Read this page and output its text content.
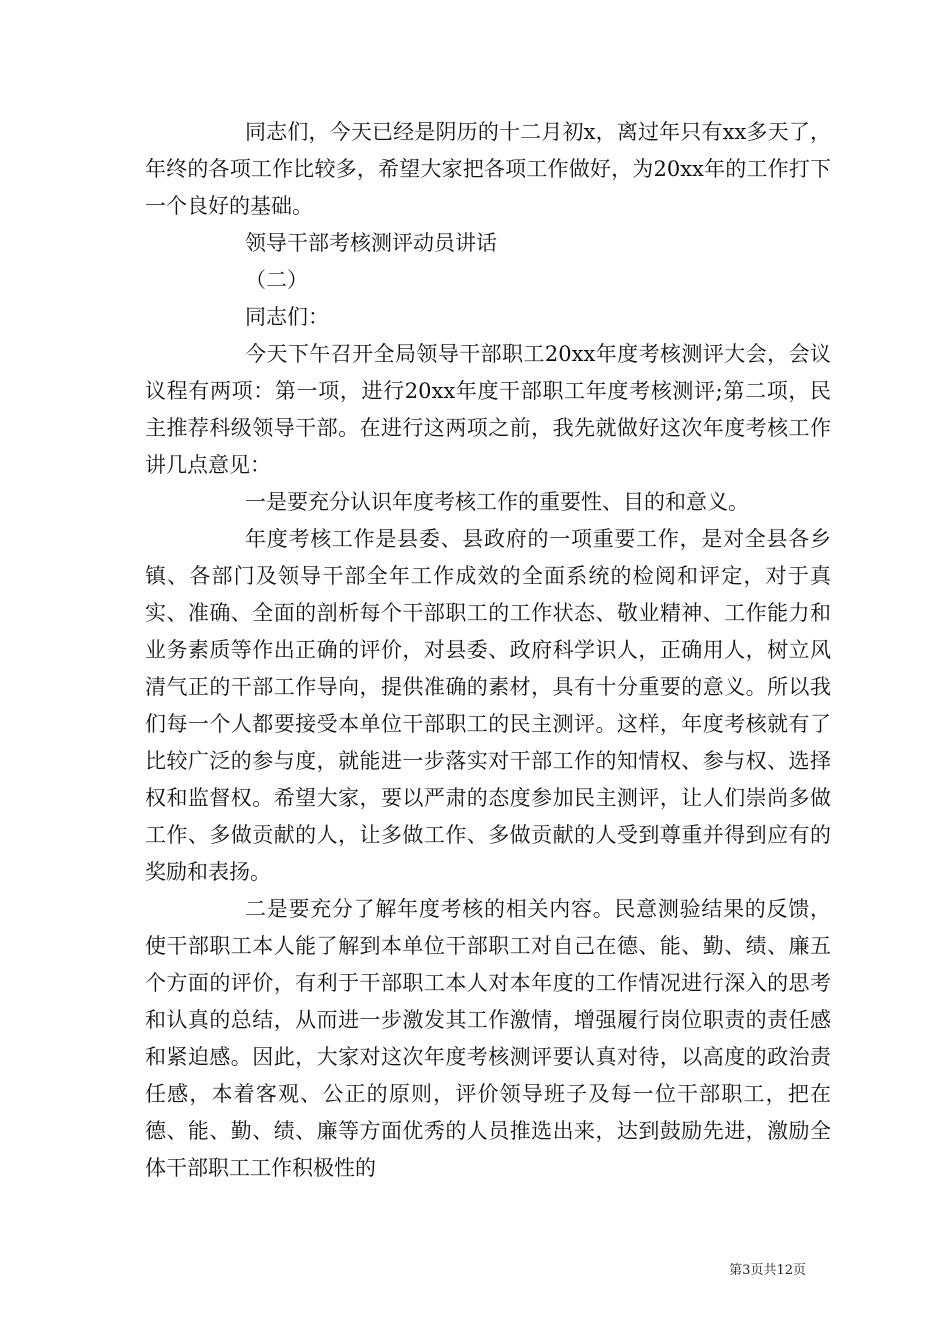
同志们，今天已经是阴历的十二月初x，离过年只有xx多天了，年终的各项工作比较多，希望大家把各项工作做好，为20xx年的工作打下一个良好的基础。

领导干部考核测评动员讲话

（二）

同志们：

今天下午召开全局领导干部职工20xx年度考核测评大会，会议议程有两项：第一项，进行20xx年度干部职工年度考核测评;第二项，民主推荐科级领导干部。在进行这两项之前，我先就做好这次年度考核工作讲几点意见：

一是要充分认识年度考核工作的重要性、目的和意义。

年度考核工作是县委、县政府的一项重要工作，是对全县各乡镇、各部门及领导干部全年工作成效的全面系统的检阅和评定，对于真实、准确、全面的剖析每个干部职工的工作状态、敬业精神、工作能力和业务素质等作出正确的评价，对县委、政府科学识人，正确用人，树立风清气正的干部工作导向，提供准确的素材，具有十分重要的意义。所以我们每一个人都要接受本单位干部职工的民主测评。这样，年度考核就有了比较广泛的参与度，就能进一步落实对干部工作的知情权、参与权、选择权和监督权。希望大家，要以严肃的态度参加民主测评，让人们崇尚多做工作、多做贡献的人，让多做工作、多做贡献的人受到尊重并得到应有的奖励和表扬。

二是要充分了解年度考核的相关内容。民意测验结果的反馈，使干部职工本人能了解到本单位干部职工对自己在德、能、勤、绩、廉五个方面的评价，有利于干部职工本人对本年度的工作情况进行深入的思考和认真的总结，从而进一步激发其工作激情，增强履行岗位职责的责任感和紧迫感。因此，大家对这次年度考核测评要认真对待，以高度的政治责任感，本着客观、公正的原则，评价领导班子及每一位干部职工，把在德、能、勤、绩、廉等方面优秀的人员推选出来，达到鼓励先进，激励全体干部职工工作积极性的

第3页共12页
